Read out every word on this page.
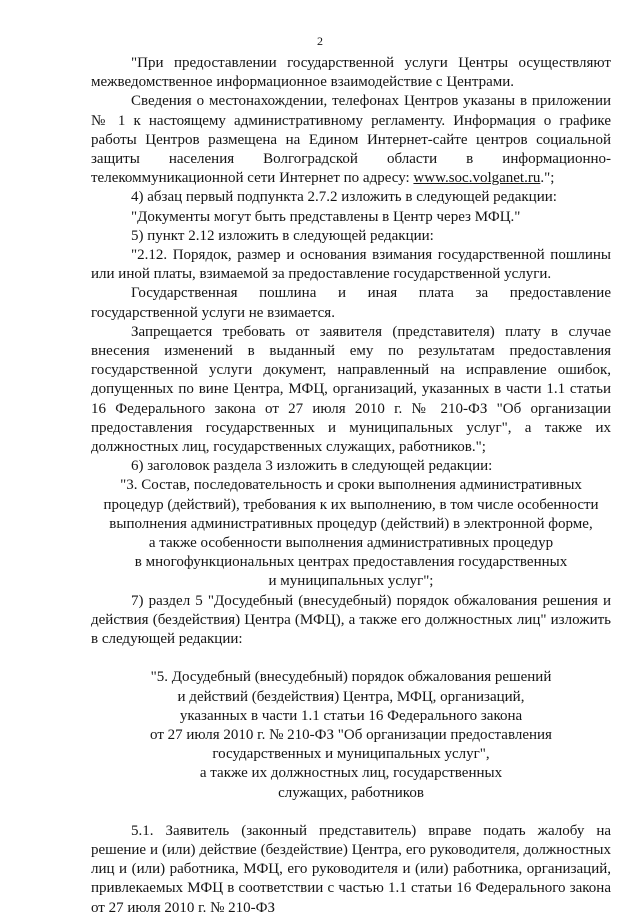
2

"При предоставлении государственной услуги Центры осуществляют межведомственное информационное взаимодействие с Центрами.

Сведения о местонахождении, телефонах Центров указаны в приложении № 1 к настоящему административному регламенту. Информация о графике работы Центров размещена на Едином Интернет-сайте центров социальной защиты населения Волгоградской области в информационно-телекоммуникационной сети Интернет по адресу: www.soc.volganet.ru.";

4) абзац первый подпункта 2.7.2 изложить в следующей редакции:

"Документы могут быть представлены в Центр через МФЦ."

5) пункт 2.12 изложить в следующей редакции:

"2.12. Порядок, размер и основания взимания государственной пошлины или иной платы, взимаемой за предоставление государственной услуги.

Государственная пошлина и иная плата за предоставление государственной услуги не взимается.

Запрещается требовать от заявителя (представителя) плату в случае внесения изменений в выданный ему по результатам предоставления государственной услуги документ, направленный на исправление ошибок, допущенных по вине Центра, МФЦ, организаций, указанных в части 1.1 статьи 16 Федерального закона от 27 июля 2010 г. № 210-ФЗ "Об организации предоставления государственных и муниципальных услуг", а также их должностных лиц, государственных служащих, работников.";

6) заголовок раздела 3 изложить в следующей редакции:

"3. Состав, последовательность и сроки выполнения административных

процедур (действий), требования к их выполнению, в том числе особенности

выполнения административных процедур (действий) в электронной форме,

а также особенности выполнения административных процедур

в многофункциональных центрах предоставления государственных

и муниципальных услуг";

7) раздел 5 "Досудебный (внесудебный) порядок обжалования решения и действия (бездействия) Центра (МФЦ), а также его должностных лиц" изложить в следующей редакции:

"5. Досудебный (внесудебный) порядок обжалования решений

и действий (бездействия) Центра, МФЦ, организаций,

указанных в части 1.1 статьи 16 Федерального закона

от 27 июля 2010 г. № 210-ФЗ "Об организации предоставления

государственных и муниципальных услуг",

а также их должностных лиц, государственных

служащих, работников

5.1. Заявитель (законный представитель) вправе подать жалобу на решение и (или) действие (бездействие) Центра, его руководителя, должностных лиц и (или) работника, МФЦ, его руководителя и (или) работника, организаций, привлекаемых МФЦ в соответствии с частью 1.1 статьи 16 Федерального закона от 27 июля 2010 г. № 210-ФЗ
